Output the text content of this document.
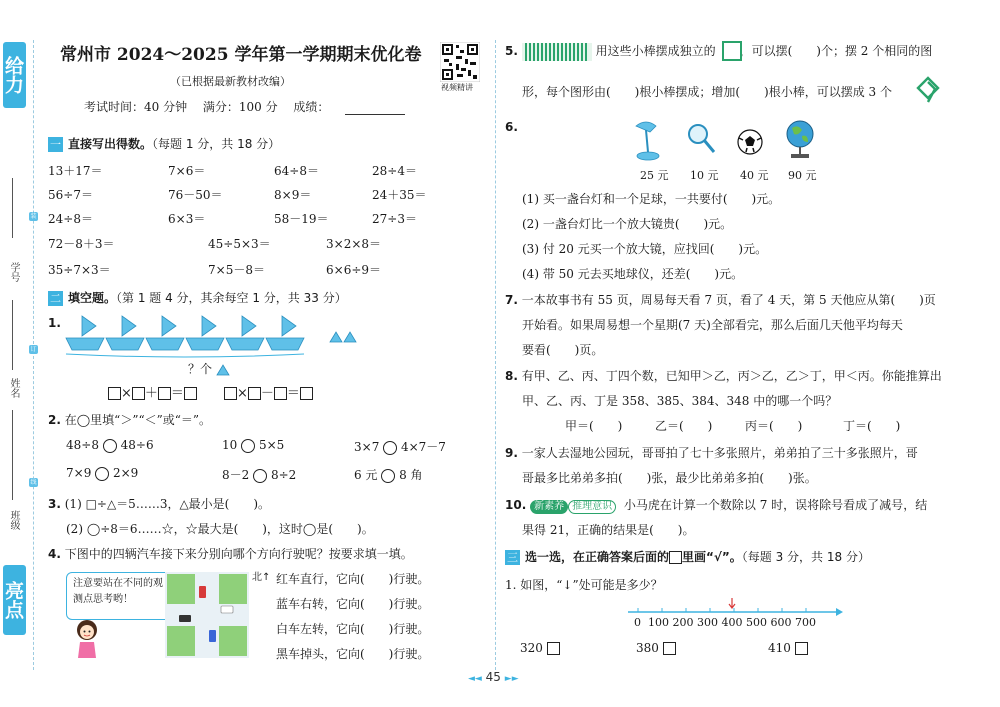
给力
亮点
学号
姓名
班级
装
订
线
常州市 2024～2025 学年第一学期期末优化卷
（已根据最新教材改编）
考试时间：40 分钟　 满分：100 分　 成绩：
视频精讲
一 直接写出得数。（每题 1 分，共 18 分）
13＋17＝	7×6＝	64÷8＝	28÷4＝
56÷7＝	76－50＝	8×9＝	24＋35＝
24÷8＝	6×3＝	58－19＝	27÷3＝
72－8＋3＝	45÷5×3＝	3×2×8＝
35÷7×3＝	7×5－8＝	6×6÷9＝
二 填空题。（第 1 题 4 分，其余每空 1 分，共 33 分）
1.
？个
× ＋ ＝	× － ＝
2. 在◯里填“＞”“＜”或“＝”。
48÷8 48÷6	10 5×5	3×7 4×7－7
7×9 2×9	8－2 8÷2	6 元 8 角
3. (1) □÷△＝5……3，△最小是(　　)。
(2) ◯÷8＝6……☆，☆最大是(　　)，这时◯是(　　)。
4. 下图中的四辆汽车接下来分别向哪个方向行驶呢？按要求填一填。
注意要站在不同的观测点思考哟！
北↑ 红车直行，它向(　　)行驶。
蓝车右转，它向(　　)行驶。
白车左转，它向(　　)行驶。
黑车掉头，它向(　　)行驶。
5.	用这些小棒摆成独立的　　，可以摆(　　)个；摆 2 个相同的图
形，每个图形由(　　)根小棒摆成；增加(　　)根小棒，可以摆成 3 个
6.
25 元 10 元 40 元 90 元
(1) 买一盏台灯和一个足球，一共要付(　　)元。
(2) 一盏台灯比一个放大镜贵(　　)元。
(3) 付 20 元买一个放大镜，应找回(　　)元。
(4) 带 50 元去买地球仪，还差(　　)元。
7. 一本故事书有 55 页，周易每天看 7 页，看了 4 天，第 5 天他应从第(　　)页
开始看。如果周易想一个星期(7 天)全部看完，那么后面几天他平均每天
要看(　　)页。
8. 有甲、乙、丙、丁四个数，已知甲＞乙，丙＞乙，乙＞丁，甲＜丙。你能推算出
甲、乙、丙、丁是 358、385、384、348 中的哪一个吗？
甲＝(　　)	乙＝(　　)	丙＝(　　)	丁＝(　　)
9. 一家人去湿地公园玩，哥哥拍了七十多张照片，弟弟拍了三十多张照片，哥
哥最多比弟弟多拍(　　)张，最少比弟弟多拍(　　)张。
10. 新素养 推理意识 小马虎在计算一个数除以 7 时，误将除号看成了减号，结
果得 21，正确的结果是(　　)。
三 选一选，在正确答案后面的 里画“√”。（每题 3 分，共 18 分）
1. 如图，“↓”处可能是多少？
0 100 200 300 400 500 600 700
320	380	410
◄◄ 45 ►►
